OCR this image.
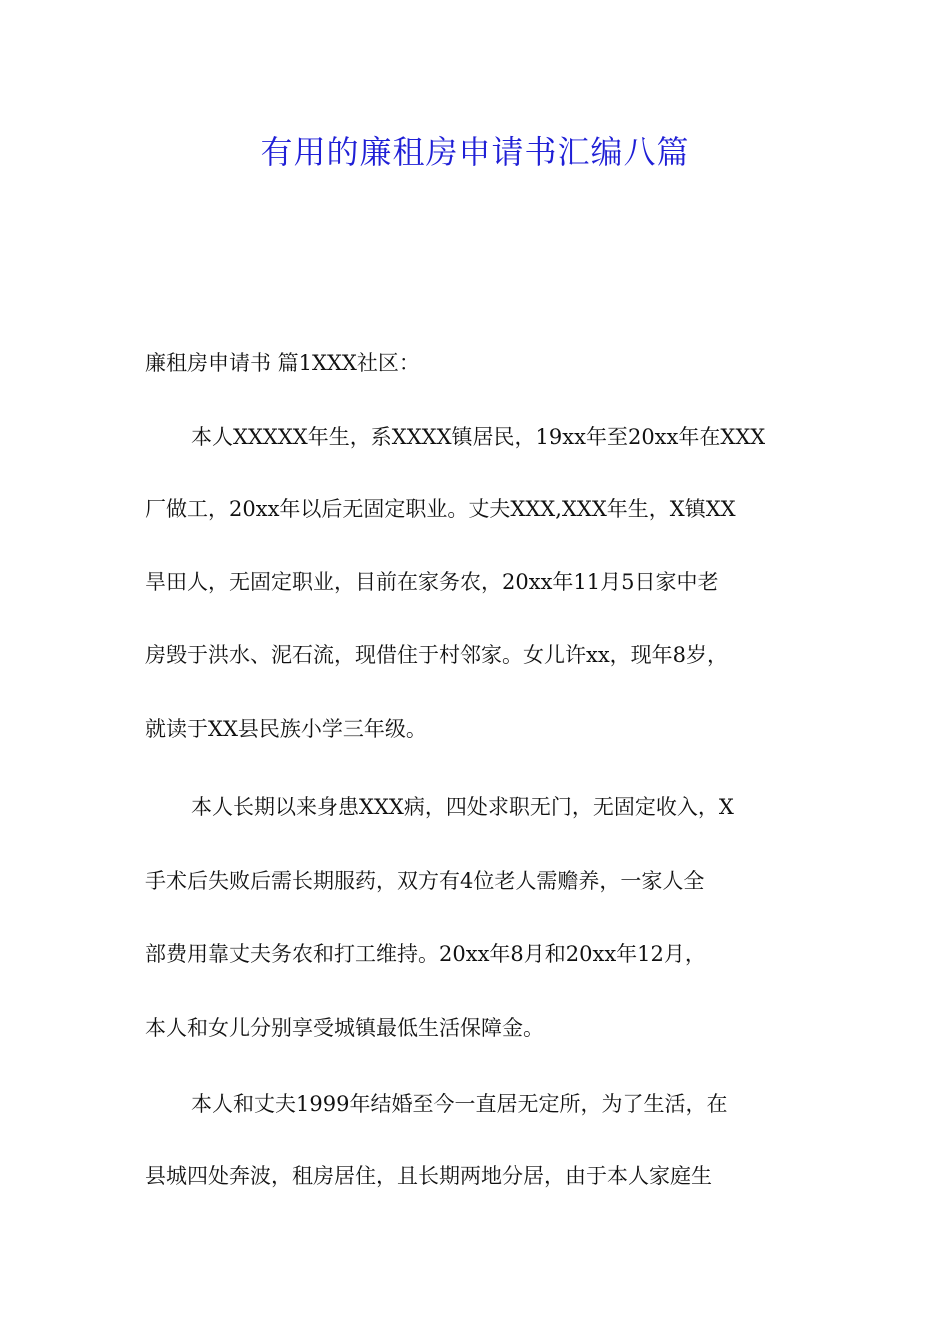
有用的廉租房申请书汇编八篇
廉租房申请书 篇1XXX社区：
本人XXXXX年生，系XXXX镇居民，19xx年至20xx年在XXX
厂做工，20xx年以后无固定职业。丈夫XXX,XXX年生，X镇XX
旱田人，无固定职业，目前在家务农，20xx年11月5日家中老
房毁于洪水、泥石流，现借住于村邻家。女儿许xx，现年8岁，
就读于XX县民族小学三年级。
本人长期以来身患XXX病，四处求职无门，无固定收入，X
手术后失败后需长期服药，双方有4位老人需赡养，一家人全
部费用靠丈夫务农和打工维持。20xx年8月和20xx年12月，
本人和女儿分别享受城镇最低生活保障金。
本人和丈夫1999年结婚至今一直居无定所，为了生活，在
县城四处奔波，租房居住，且长期两地分居，由于本人家庭生
